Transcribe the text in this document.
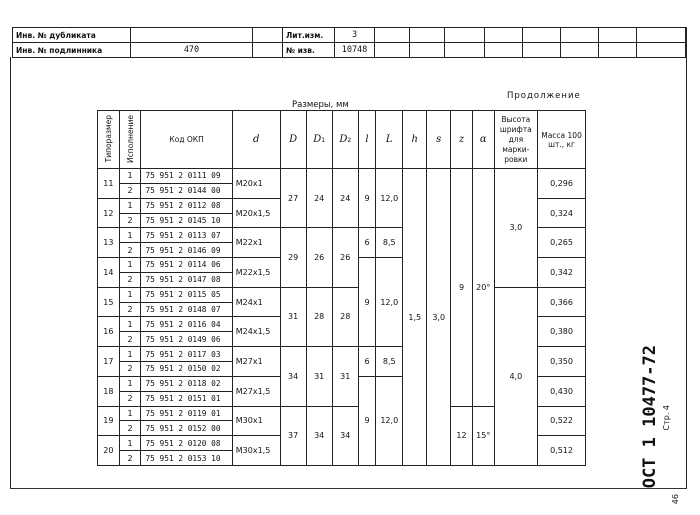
Инв. № дубликата			Лит.изм.	3								
Инв. № подлинника	470		№ изв.	10748								
Продолжение
Размеры, мм
Типоразмер	Исполнение	Код ОКП	d	D	D1	D2	l	L	h	s	z	α	Высота шрифта для марки- ровки	Масса 100 шт., кг
11	1	75 951 2 0111 09	M20x1	27	24	24	9	12,0	1,5	3,0	9	20°	3,0	0,296
	2	75 951 2 0144 00												
12	1	75 951 2 0112 08	M20x1,5											0,324
	2	75 951 2 0145 10												
13	1	75 951 2 0113 07	M22x1	29	26	26	6	8,5						0,265
	2	75 951 2 0146 09												
14	1	75 951 2 0114 06	M22x1,5				9	12,0						0,342
	2	75 951 2 0147 08												
15	1	75 951 2 0115 05	M24x1	31	28	28							4,0	0,366
	2	75 951 2 0148 07												
16	1	75 951 2 0116 04	M24x1,5											0,380
	2	75 951 2 0149 06												
17	1	75 951 2 0117 03	M27x1	34	31	31	6	8,5						0,350
	2	75 951 2 0150 02												
18	1	75 951 2 0118 02	M27x1,5				9	12,0						0,430
	2	75 951 2 0151 01												
19	1	75 951 2 0119 01	M30x1	37	34	34					12	15°		0,522
	2	75 951 2 0152 00												
20	1	75 951 2 0120 08	M30x1,5											0,512
	2	75 951 2 0153 10													ОСТ 1 10477-72 Стр. 4
46
